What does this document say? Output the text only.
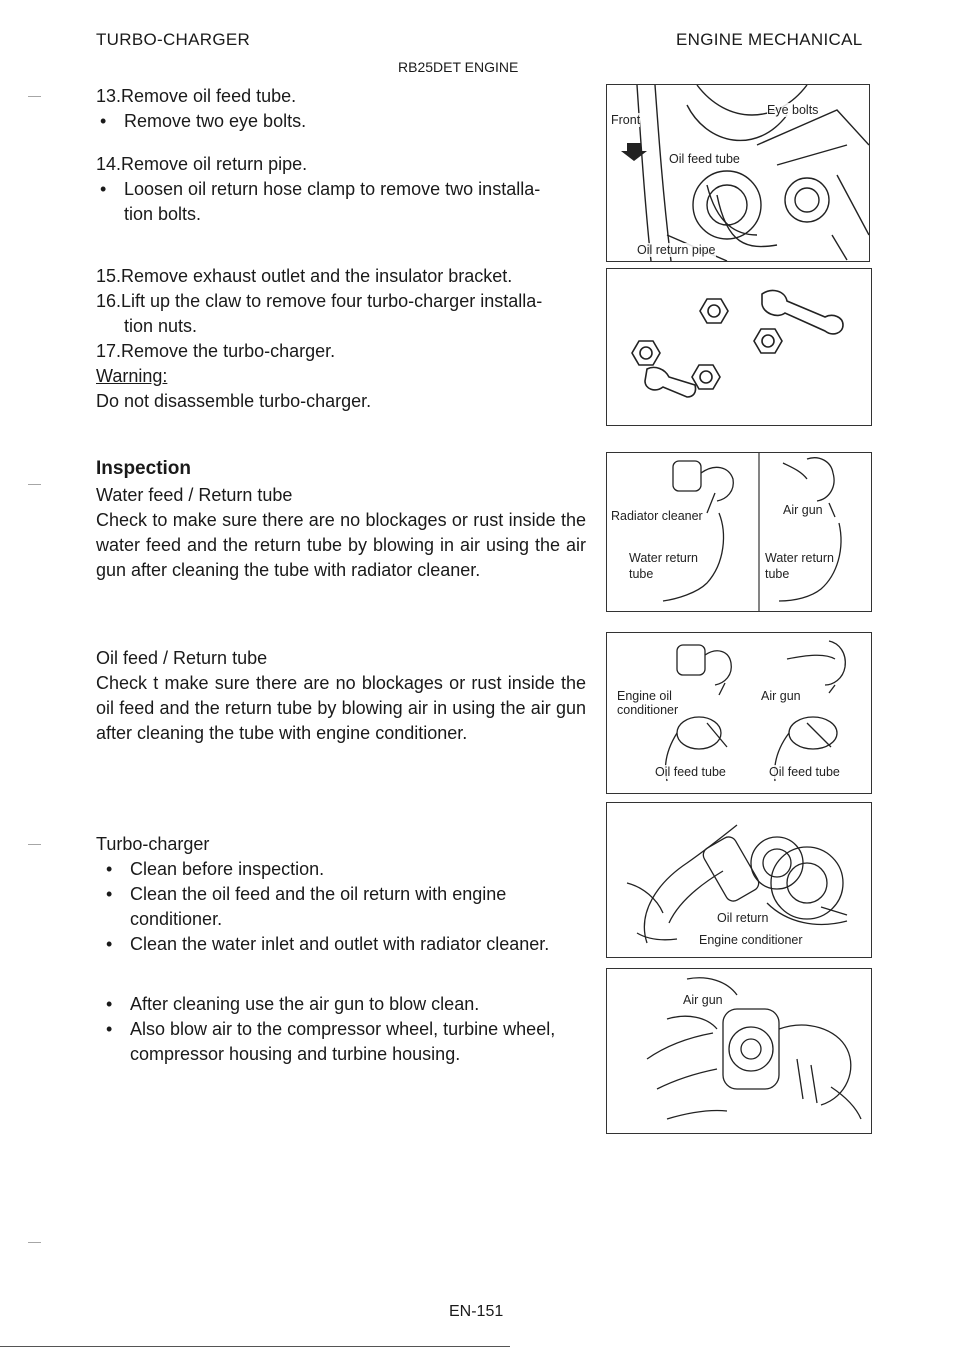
TURBO-CHARGER	ENGINE MECHANICAL
RB25DET ENGINE
—
—
—
—
13.Remove oil feed tube.
• Remove two eye bolts.
14.Remove oil return pipe.
• Loosen oil return hose clamp to remove two installa-
tion bolts.
15.Remove exhaust outlet and the insulator bracket.
16.Lift up the claw to remove four turbo-charger installa-
tion nuts.
17.Remove the turbo-charger.
Warning:
Do not disassemble turbo-charger.
Inspection
Water feed / Return tube
Check to make sure there are no blockages or rust inside the water feed and the return tube by blowing in air using the air gun after cleaning the tube with radiator cleaner.
Oil feed / Return tube
Check t make sure there are no blockages or rust inside the oil feed and the return tube by blowing air in using the air gun after cleaning the tube with engine conditioner.
Turbo-charger
• Clean before inspection.
• Clean the oil feed and the oil return with engine
conditioner.
• Clean the water inlet and outlet with radiator cleaner.
• After cleaning use the air gun to blow clean.
• Also blow air to the compressor wheel, turbine wheel,
compressor housing and turbine housing.
Front
Eye bolts
Oil feed tube
Oil return pipe
Radiator cleaner	Air gun
Water return
tube
Water return
tube
Engine oil
conditioner
Air gun
Oil feed tube	Oil feed tube
Oil return
Engine conditioner
Air gun
EN-151
